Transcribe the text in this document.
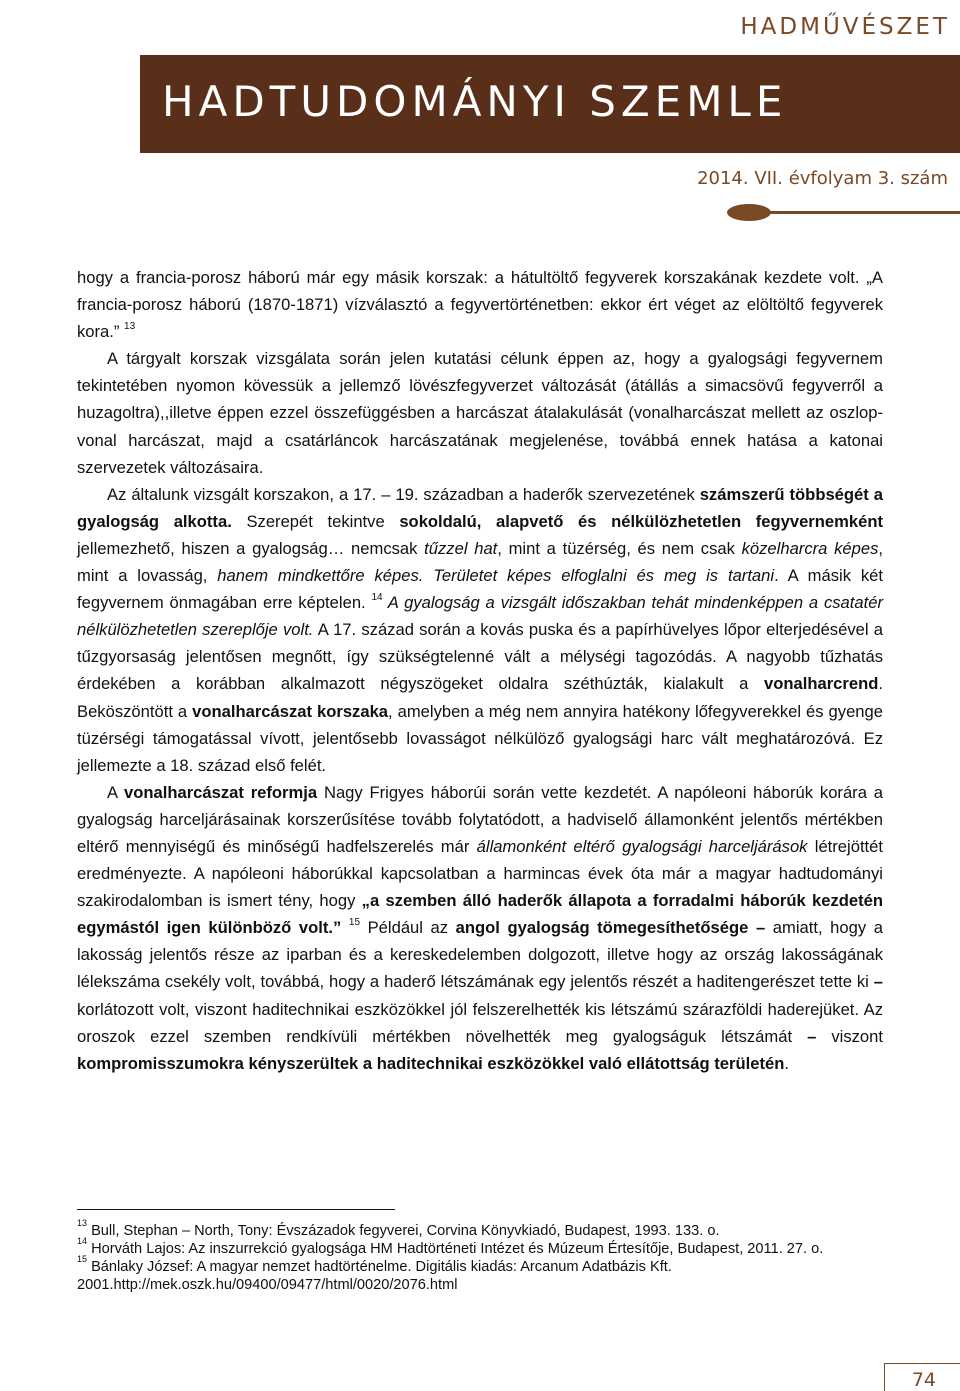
HADMŰVÉSZET
HADTUDOMÁNYI SZEMLE
2014. VII. évfolyam 3. szám

hogy a francia-porosz háború már egy másik korszak: a hátultöltő fegyverek korszakának kezdete volt. „A francia-porosz háború (1870-1871) vízválasztó a fegyvertörténetben: ekkor ért véget az elöltöltő fegyverek kora.” $^{13}$

A tárgyalt korszak vizsgálata során jelen kutatási célunk éppen az, hogy a gyalogsági fegyvernem tekintetében nyomon kövessük a jellemző lövészfegyverzet változását (átállás a simacsövű fegyverről a huzagoltra),,illetve éppen ezzel összefüggésben a harcászat átalakulását (vonalharcászat mellett az oszlop-vonal harcászat, majd a csatárláncok harcászatának megjelenése, továbbá ennek hatása a katonai szervezetek változásaira.

Az általunk vizsgált korszakon, a 17. – 19. században a haderők szervezetének számszerű többségét a gyalogság alkotta. Szerepét tekintve sokoldalú, alapvető és nélkülözhetetlen fegyvernemként jellemezhető, hiszen a gyalogság… nemcsak tűzzel hat, mint a tüzérség, és nem csak közelharcra képes, mint a lovasság, hanem mindkettőre képes. Területet képes elfoglalni és meg is tartani. A másik két fegyvernem önmagában erre képtelen. $^{14}$ A gyalogság a vizsgált időszakban tehát mindenképpen a csatatér nélkülözhetetlen szereplője volt. A 17. század során a kovás puska és a papírhüvelyes lőpor elterjedésével a tűzgyorsaság jelentősen megnőtt, így szükségtelenné vált a mélységi tagozódás. A nagyobb tűzhatás érdekében a korábban alkalmazott négyszögeket oldalra széthúzták, kialakult a vonalharcrend. Beköszöntött a vonalharcászat korszaka, amelyben a még nem annyira hatékony lőfegyverekkel és gyenge tüzérségi támogatással vívott, jelentősebb lovasságot nélkülöző gyalogsági harc vált meghatározóvá. Ez jellemezte a 18. század első felét.

A vonalharcászat reformja Nagy Frigyes háborúi során vette kezdetét. A napóleoni háborúk korára a gyalogság harceljárásainak korszerűsítése tovább folytatódott, a hadviselő államonként jelentős mértékben eltérő mennyiségű és minőségű hadfelszerelés már államonként eltérő gyalogsági harceljárások létrejöttét eredményezte. A napóleoni háborúkkal kapcsolatban a harmincas évek óta már a magyar hadtudományi szakirodalomban is ismert tény, hogy „a szemben álló haderők állapota a forradalmi háborúk kezdetén egymástól igen különböző volt.” $^{15}$ Például az angol gyalogság tömegesíthetősége – amiatt, hogy a lakosság jelentős része az iparban és a kereskedelemben dolgozott, illetve hogy az ország lakosságának lélekszáma csekély volt, továbbá, hogy a haderő létszámának egy jelentős részét a haditengerészet tette ki – korlátozott volt, viszont haditechnikai eszközökkel jól felszerelhették kis létszámú szárazföldi haderejüket. Az oroszok ezzel szemben rendkívüli mértékben növelhették meg gyalogságuk létszámát – viszont kompromisszumokra kényszerültek a haditechnikai eszközökkel való ellátottság területén.

$^{13}$ Bull, Stephan – North, Tony: Évszázadok fegyverei, Corvina Könyvkiadó, Budapest, 1993. 133. o.

$^{14}$ Horváth Lajos: Az inszurrekció gyalogsága HM Hadtörténeti Intézet és Múzeum Értesítője, Budapest, 2011. 27. o.

$^{15}$ Bánlaky József: A magyar nemzet hadtörténelme. Digitális kiadás: Arcanum Adatbázis Kft. 2001.http://mek.oszk.hu/09400/09477/html/0020/2076.html

74
